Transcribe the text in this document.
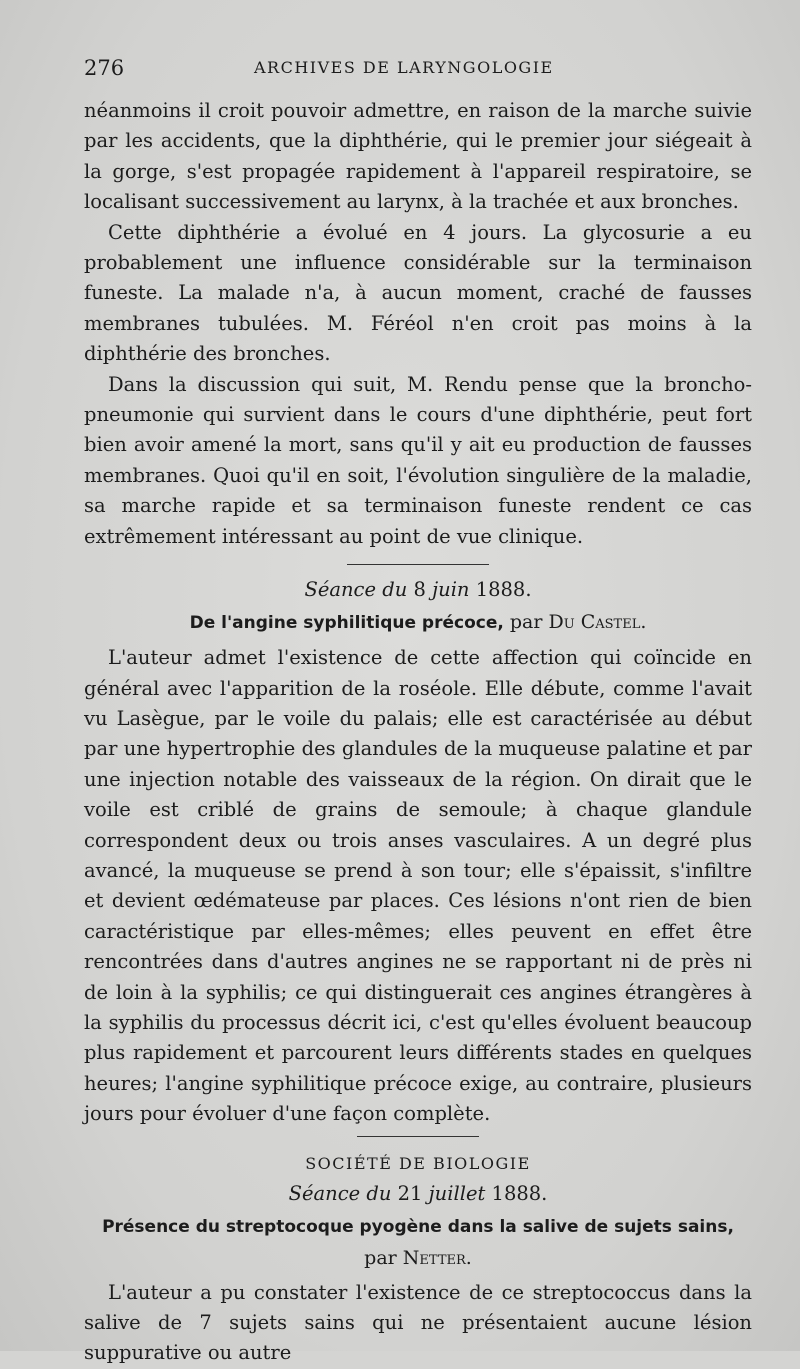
276	ARCHIVES DE LARYNGOLOGIE

néanmoins il croit pouvoir admettre, en raison de la marche suivie par les accidents, que la diphthérie, qui le premier jour siégeait à la gorge, s'est propagée rapidement à l'appareil respiratoire, se localisant successivement au larynx, à la trachée et aux bronches.

Cette diphthérie a évolué en 4 jours. La glycosurie a eu probablement une influence considérable sur la terminaison funeste. La malade n'a, à aucun moment, craché de fausses membranes tubulées. M. Féréol n'en croit pas moins à la diphthérie des bronches.

Dans la discussion qui suit, M. Rendu pense que la broncho-pneumonie qui survient dans le cours d'une diphthérie, peut fort bien avoir amené la mort, sans qu'il y ait eu production de fausses membranes. Quoi qu'il en soit, l'évolution singulière de la maladie, sa marche rapide et sa terminaison funeste rendent ce cas extrêmement intéressant au point de vue clinique.

Séance du 8 juin 1888.
De l'angine syphilitique précoce, par Du Castel.

L'auteur admet l'existence de cette affection qui coïncide en général avec l'apparition de la roséole. Elle débute, comme l'avait vu Lasègue, par le voile du palais; elle est caractérisée au début par une hypertrophie des glandules de la muqueuse palatine et par une injection notable des vaisseaux de la région. On dirait que le voile est criblé de grains de semoule; à chaque glandule correspondent deux ou trois anses vasculaires. A un degré plus avancé, la muqueuse se prend à son tour; elle s'épaissit, s'infiltre et devient œdémateuse par places. Ces lésions n'ont rien de bien caractéristique par elles-mêmes; elles peuvent en effet être rencontrées dans d'autres angines ne se rapportant ni de près ni de loin à la syphilis; ce qui distinguerait ces angines étrangères à la syphilis du processus décrit ici, c'est qu'elles évoluent beaucoup plus rapidement et parcourent leurs différents stades en quelques heures; l'angine syphilitique précoce exige, au contraire, plusieurs jours pour évoluer d'une façon complète.

SOCIÉTÉ DE BIOLOGIE
Séance du 21 juillet 1888.
Présence du streptocoque pyogène dans la salive de sujets sains,
par Netter.

L'auteur a pu constater l'existence de ce streptococcus dans la salive de 7 sujets sains qui ne présentaient aucune lésion suppurative ou autre
